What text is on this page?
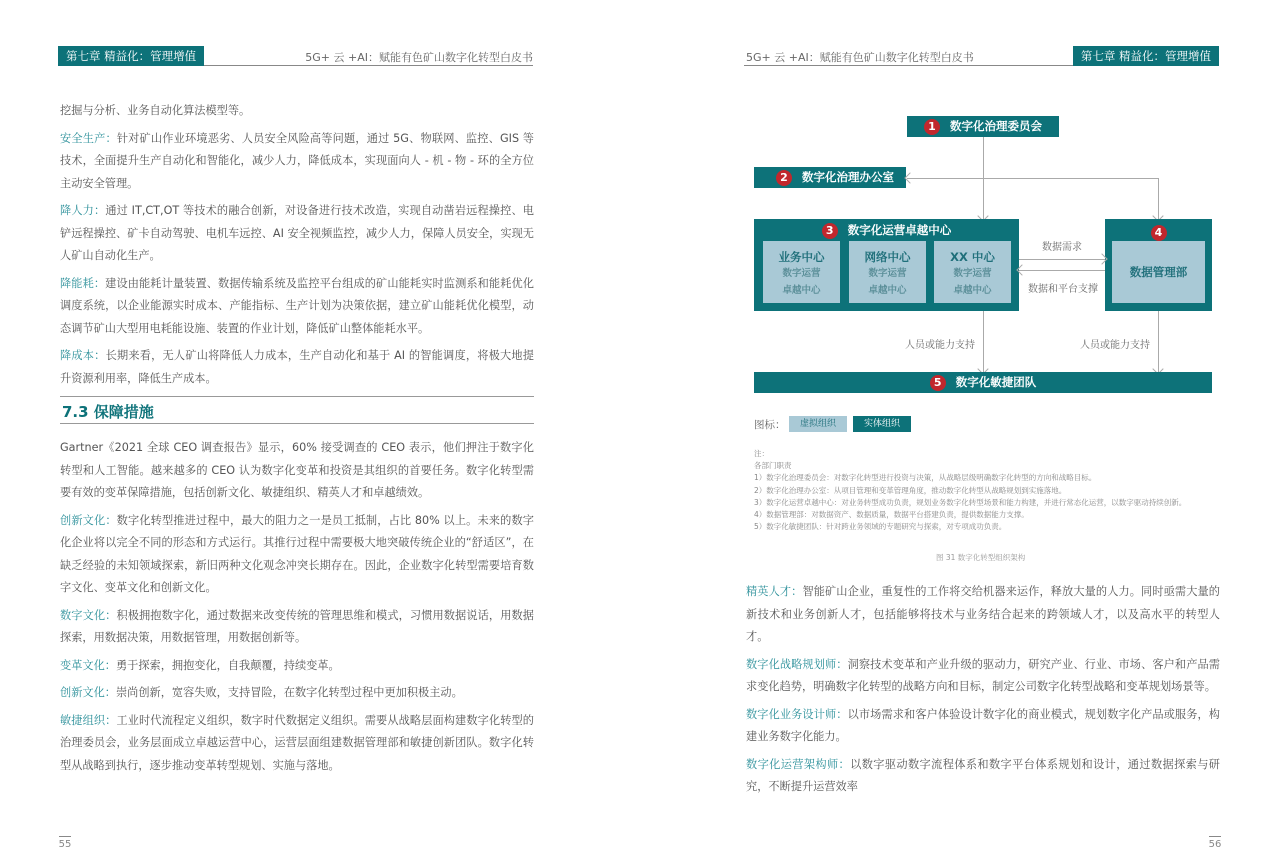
第七章 精益化：管理增值	5G+ 云 +AI：赋能有色矿山数字化转型白皮书
挖掘与分析、业务自动化算法模型等。
安全生产：针对矿山作业环境恶劣、人员安全风险高等问题，通过 5G、物联网、监控、GIS 等技术，全面提升生产自动化和智能化，减少人力，降低成本，实现面向人 - 机 - 物 - 环的全方位主动安全管理。
降人力：通过 IT,CT,OT 等技术的融合创新，对设备进行技术改造，实现自动凿岩远程操控、电铲远程操控、矿卡自动驾驶、电机车远控、AI 安全视频监控，减少人力，保障人员安全，实现无人矿山自动化生产。
降能耗：建设由能耗计量装置、数据传输系统及监控平台组成的矿山能耗实时监测系和能耗优化调度系统，以企业能源实时成本、产能指标、生产计划为决策依据，建立矿山能耗优化模型，动态调节矿山大型用电耗能设施、装置的作业计划，降低矿山整体能耗水平。
降成本：长期来看，无人矿山将降低人力成本，生产自动化和基于 AI 的智能调度，将极大地提升资源利用率，降低生产成本。
7.3 保障措施
Gartner《2021 全球 CEO 调查报告》显示，60% 接受调查的 CEO 表示，他们押注于数字化转型和人工智能。越来越多的 CEO 认为数字化变革和投资是其组织的首要任务。数字化转型需要有效的变革保障措施，包括创新文化、敏捷组织、精英人才和卓越绩效。
创新文化：数字化转型推进过程中，最大的阻力之一是员工抵制，占比 80% 以上。未来的数字化企业将以完全不同的形态和方式运行。其推行过程中需要极大地突破传统企业的“舒适区”，在缺乏经验的未知领域探索，新旧两种文化观念冲突长期存在。因此，企业数字化转型需要培育数字文化、变革文化和创新文化。
数字文化：积极拥抱数字化，通过数据来改变传统的管理思维和模式，习惯用数据说话，用数据探索，用数据决策，用数据管理，用数据创新等。
变革文化：勇于探索，拥抱变化，自我颠覆，持续变革。
创新文化：崇尚创新，宽容失败，支持冒险，在数字化转型过程中更加积极主动。
敏捷组织：工业时代流程定义组织，数字时代数据定义组织。需要从战略层面构建数字化转型的治理委员会，业务层面成立卓越运营中心，运营层面组建数据管理部和敏捷创新团队。数字化转型从战略到执行，逐步推动变革转型规划、实施与落地。
55
5G+ 云 +AI：赋能有色矿山数字化转型白皮书	第七章 精益化：管理增值
1 数字化治理委员会
2 数字化治理办公室
3 数字化运营卓越中心
业务中心
数字运营
卓越中心
网络中心
数字运营
卓越中心
XX 中心
数字运营
卓越中心
4
数据管理部
数据需求
数据和平台支撑
人员或能力支持	人员或能力支持
5 数字化敏捷团队
图标：	虚拟组织	实体组织
注：
各部门职责
1）数字化治理委员会：对数字化转型进行投资与决策，从战略层级明确数字化转型的方向和战略目标。
2）数字化治理办公室：从项目管理和变革管理角度，推动数字化转型从战略规划到实施落地。
3）数字化运营卓越中心：对业务转型成功负责，规划业务数字化转型场景和能力构建，并进行常态化运营，以数字驱动持续创新。
4）数据管理部：对数据资产、数据质量，数据平台搭建负责，提供数据能力支撑。
5）数字化敏捷团队：针对跨业务领域的专题研究与探索，对专项成功负责。
图 31 数字化转型组织架构
精英人才：智能矿山企业，重复性的工作将交给机器来运作，释放大量的人力。同时亟需大量的新技术和业务创新人才，包括能够将技术与业务结合起来的跨领域人才，以及高水平的转型人才。
数字化战略规划师：洞察技术变革和产业升级的驱动力，研究产业、行业、市场、客户和产品需求变化趋势，明确数字化转型的战略方向和目标，制定公司数字化转型战略和变革规划场景等。
数字化业务设计师：以市场需求和客户体验设计数字化的商业模式，规划数字化产品或服务，构建业务数字化能力。
数字化运营架构师：以数字驱动数字流程体系和数字平台体系规划和设计，通过数据探索与研究，不断提升运营效率
56
